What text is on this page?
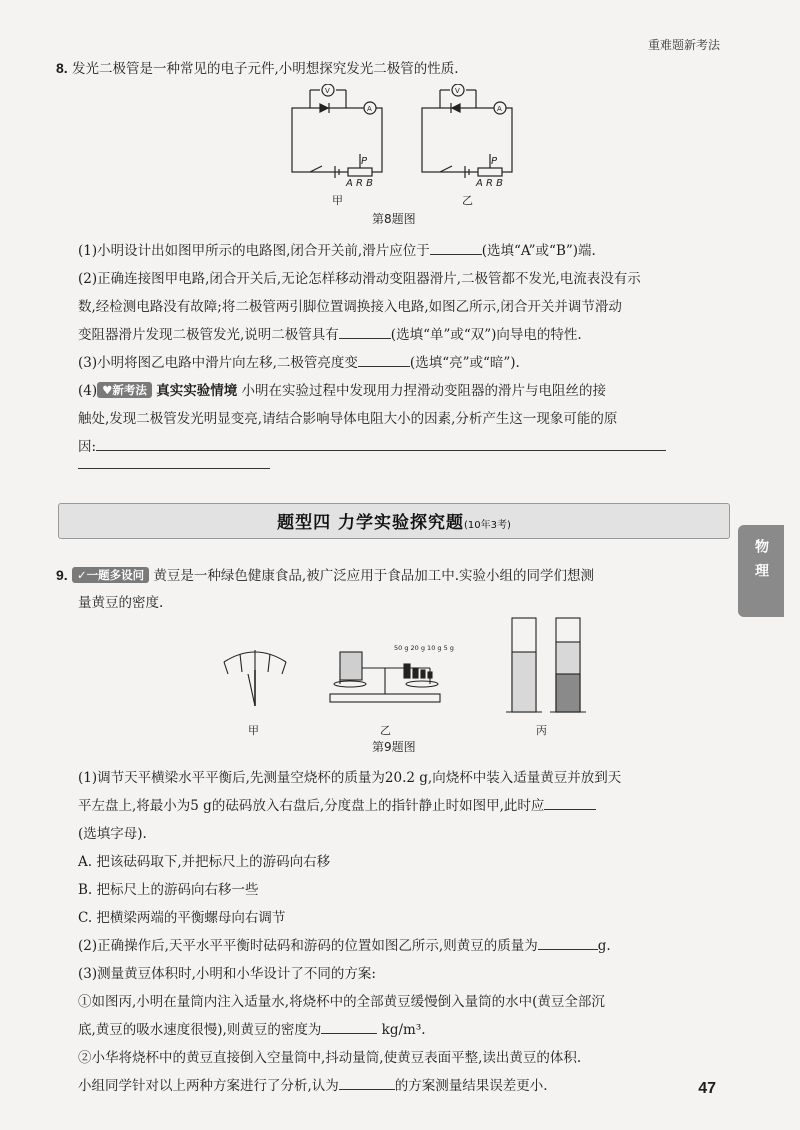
重难题新考法
8. 发光二极管是一种常见的电子元件,小明想探究发光二极管的性质.
V
A
V
A
P
A R B
P
A R B
甲	乙
第8题图
(1)小明设计出如图甲所示的电路图,闭合开关前,滑片应位于	(选填“A”或“B”)端.
(2)正确连接图甲电路,闭合开关后,无论怎样移动滑动变阻器滑片,二极管都不发光,电流表没有示
数,经检测电路没有故障;将二极管两引脚位置调换接入电路,如图乙所示,闭合开关并调节滑动
变阻器滑片发现二极管发光,说明二极管具有	(选填“单”或“双”)向导电的特性.
(3)小明将图乙电路中滑片向左移,二极管亮度变	(选填“亮”或“暗”).
(4) ♥新考法 真实实验情境 小明在实验过程中发现用力捏滑动变阻器的滑片与电阻丝的接
触处,发现二极管发光明显变亮,请结合影响导体电阻大小的因素,分析产生这一现象可能的原
因:
题型四 力学实验探究题(10年3考)
物理
9. ✓一题多设问 黄豆是一种绿色健康食品,被广泛应用于食品加工中.实验小组的同学们想测
量黄豆的密度.
50 g 20 g 10 g 5 g
甲	乙	丙
第9题图
(1)调节天平横梁水平平衡后,先测量空烧杯的质量为20.2 g,向烧杯中装入适量黄豆并放到天
平左盘上,将最小为5 g的砝码放入右盘后,分度盘上的指针静止时如图甲,此时应
(选填字母).
A. 把该砝码取下,并把标尺上的游码向右移
B. 把标尺上的游码向右移一些
C. 把横梁两端的平衡螺母向右调节
(2)正确操作后,天平水平平衡时砝码和游码的位置如图乙所示,则黄豆的质量为	g.
(3)测量黄豆体积时,小明和小华设计了不同的方案:
①如图丙,小明在量筒内注入适量水,将烧杯中的全部黄豆缓慢倒入量筒的水中(黄豆全部沉
底,黄豆的吸水速度很慢),则黄豆的密度为	kg/m³.
②小华将烧杯中的黄豆直接倒入空量筒中,抖动量筒,使黄豆表面平整,读出黄豆的体积.
小组同学针对以上两种方案进行了分析,认为	的方案测量结果误差更小.	47
